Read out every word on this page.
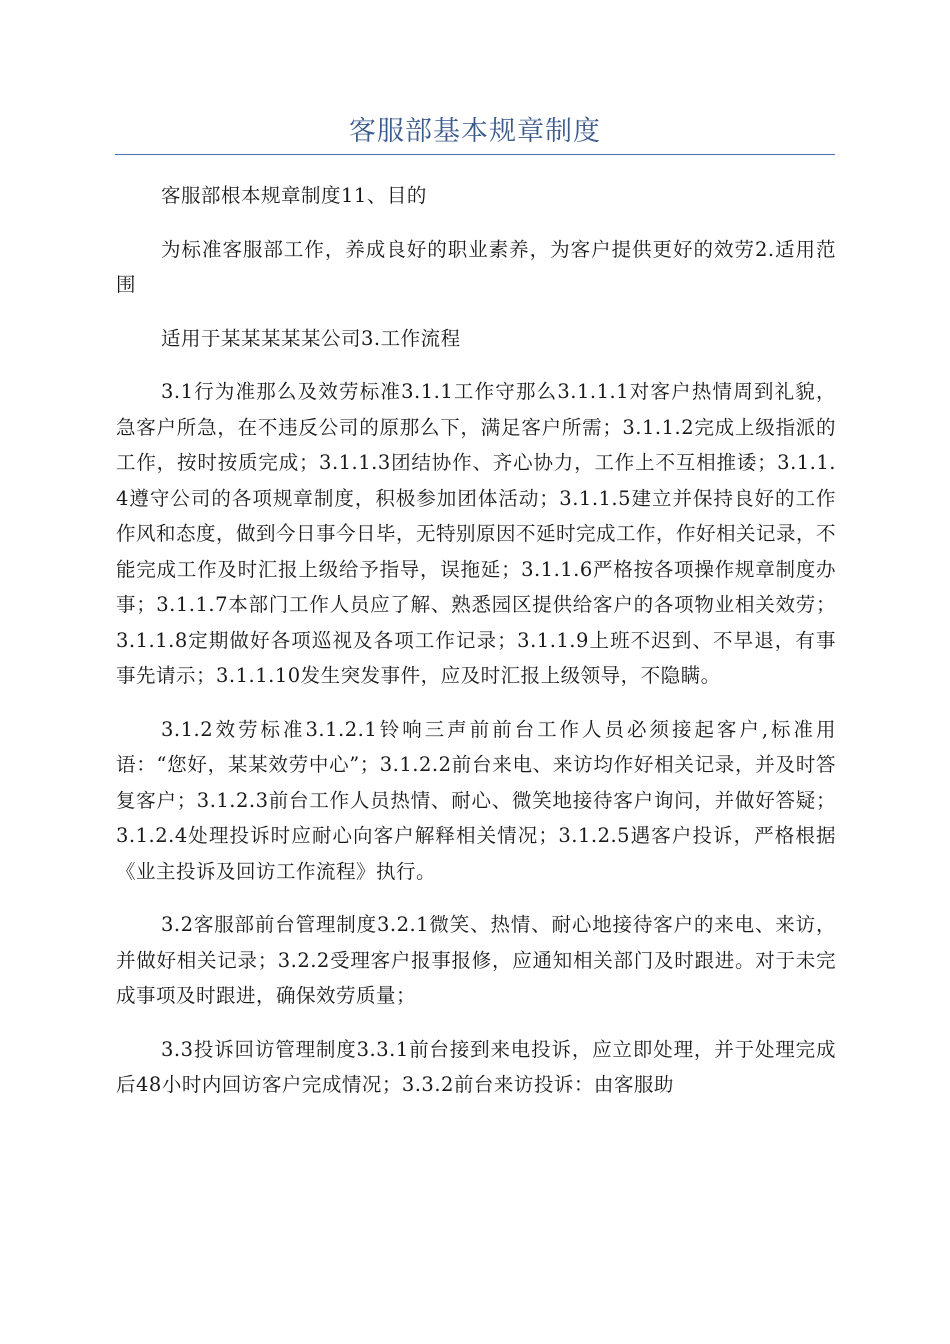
客服部基本规章制度

客服部根本规章制度11、目的

为标准客服部工作，养成良好的职业素养，为客户提供更好的效劳2.适用范围

适用于某某某某某公司3.工作流程

3.1行为准那么及效劳标准3.1.1工作守那么3.1.1.1对客户热情周到礼貌，急客户所急，在不违反公司的原那么下，满足客户所需；3.1.1.2完成上级指派的工作，按时按质完成；3.1.1.3团结协作、齐心协力，工作上不互相推诿；3.1.1.4遵守公司的各项规章制度，积极参加团体活动；3.1.1.5建立并保持良好的工作作风和态度，做到今日事今日毕，无特别原因不延时完成工作，作好相关记录，不能完成工作及时汇报上级给予指导，误拖延；3.1.1.6严格按各项操作规章制度办事；3.1.1.7本部门工作人员应了解、熟悉园区提供给客户的各项物业相关效劳；3.1.1.8定期做好各项巡视及各项工作记录；3.1.1.9上班不迟到、不早退，有事事先请示；3.1.1.10发生突发事件，应及时汇报上级领导，不隐瞒。

3.1.2效劳标准3.1.2.1铃响三声前前台工作人员必须接起客户,标准用语：“您好，某某效劳中心”；3.1.2.2前台来电、来访均作好相关记录，并及时答复客户；3.1.2.3前台工作人员热情、耐心、微笑地接待客户询问，并做好答疑；3.1.2.4处理投诉时应耐心向客户解释相关情况；3.1.2.5遇客户投诉，严格根据《业主投诉及回访工作流程》执行。

3.2客服部前台管理制度3.2.1微笑、热情、耐心地接待客户的来电、来访，并做好相关记录；3.2.2受理客户报事报修，应通知相关部门及时跟进。对于未完成事项及时跟进，确保效劳质量；

3.3投诉回访管理制度3.3.1前台接到来电投诉，应立即处理，并于处理完成后48小时内回访客户完成情况；3.3.2前台来访投诉：由客服助
